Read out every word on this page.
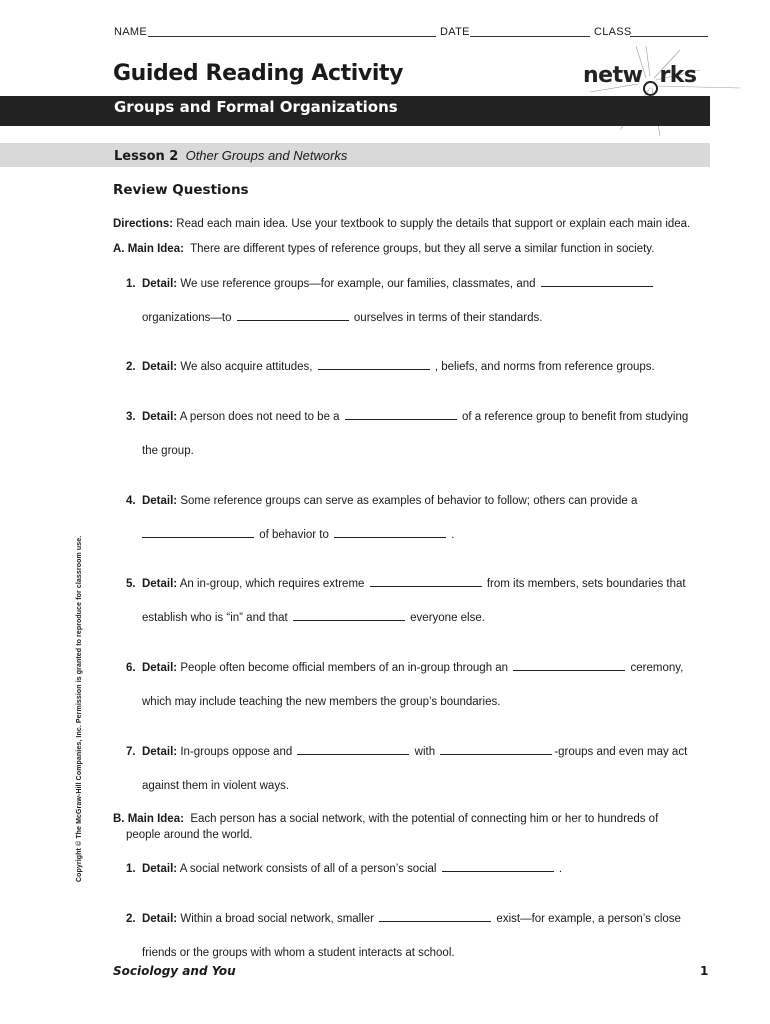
NAME	DATE	CLASS
Guided Reading Activity	netw rks
Groups and Formal Organizations
Lesson 2 Other Groups and Networks
Review Questions
Directions: Read each main idea. Use your textbook to supply the details that support or explain each main idea.
A. Main Idea: There are different types of reference groups, but they all serve a similar function in society.
1. Detail: We use reference groups—for example, our families, classmates, and
organizations—to	ourselves in terms of their standards.
2. Detail: We also acquire attitudes,	, beliefs, and norms from reference groups.
3. Detail: A person does not need to be a	of a reference group to benefit from studying
the group.
4. Detail: Some reference groups can serve as examples of behavior to follow; others can provide a
of behavior to	.
5. Detail: An in-group, which requires extreme	from its members, sets boundaries that
establish who is “in” and that	everyone else.
6. Detail: People often become official members of an in-group through an	ceremony,
which may include teaching the new members the group’s boundaries.
7. Detail: In-groups oppose and	with	-groups and even may act
against them in violent ways.
B. Main Idea: Each person has a social network, with the potential of connecting him or her to hundreds of
people around the world.
1. Detail: A social network consists of all of a person’s social	.
2. Detail: Within a broad social network, smaller	exist—for example, a person’s close
friends or the groups with whom a student interacts at school.
Copyright © The McGraw-Hill Companies, Inc. Permission is granted to reproduce for classroom use.
Sociology and You	1
